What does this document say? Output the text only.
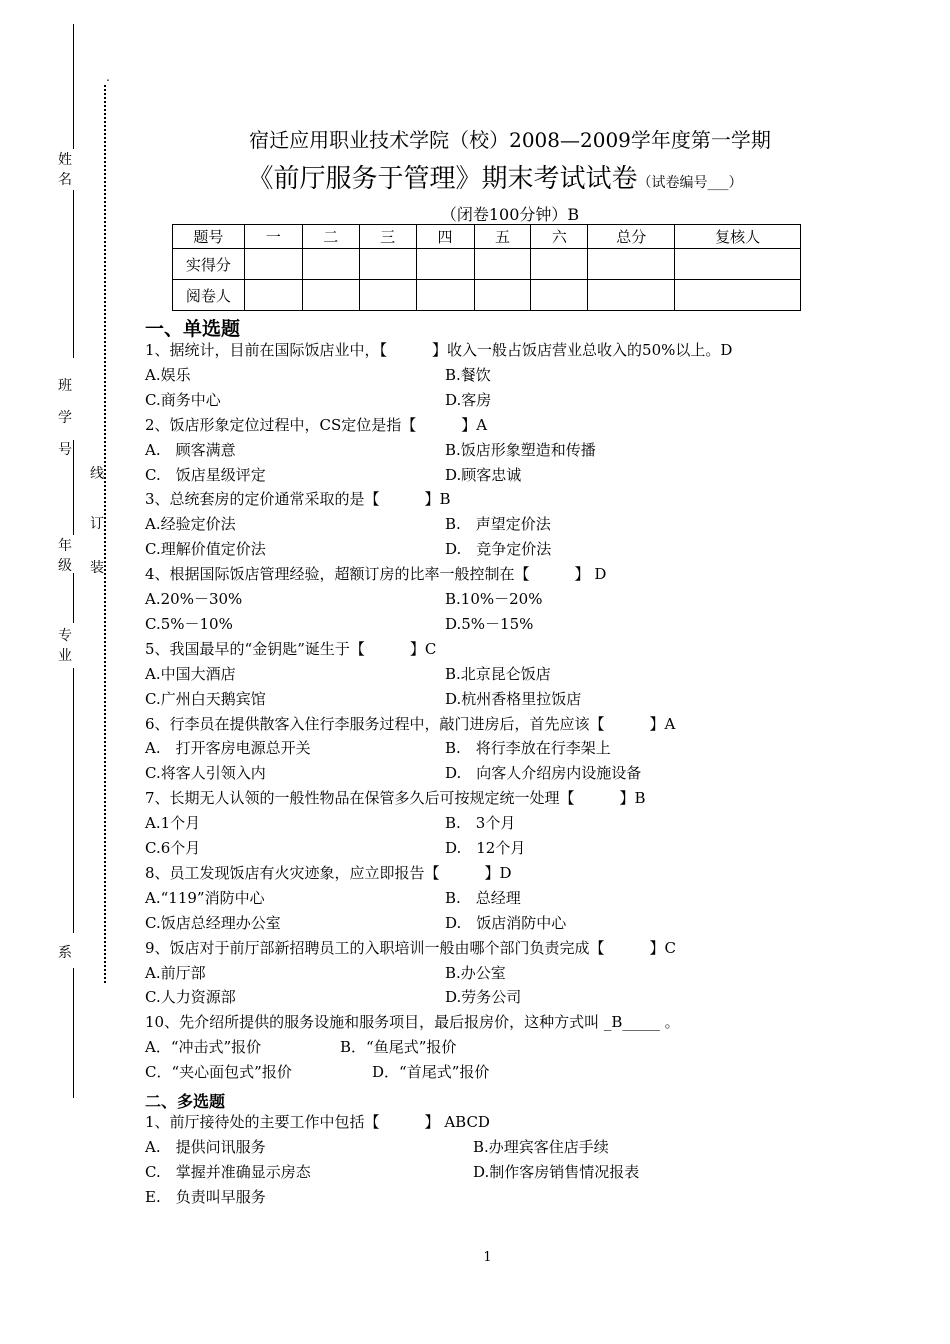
.
姓
名
班
学
号
年
级
专
业
系
线
订
装
宿迁应用职业技术学院（校）2008—2009学年度第一学期
《前厅服务于管理》期末考试试卷（试卷编号___）
（闭卷100分钟）B
题号	一	二	三	四	五	六	总分	复核人
实得分								
阅卷人								
一、单选题
1、据统计，目前在国际饭店业中，【　　　】收入一般占饭店营业总收入的50%以上。D
A.娱乐	B.餐饮
C.商务中心	D.客房
2、饭店形象定位过程中，CS定位是指【　　　】A
A.　顾客满意	B.饭店形象塑造和传播
C.　饭店星级评定	D.顾客忠诚
3、总统套房的定价通常采取的是【　　　】B
A.经验定价法	B.　声望定价法
C.理解价值定价法	D.　竞争定价法
4、根据国际饭店管理经验，超额订房的比率一般控制在【　　　】 D
A.20%－30%	B.10%－20%
C.5%－10%	D.5%－15%
5、我国最早的“金钥匙”诞生于【　　　】C
A.中国大酒店	B.北京昆仑饭店
C.广州白天鹅宾馆	D.杭州香格里拉饭店
6、行李员在提供散客入住行李服务过程中，敲门进房后，首先应该【　　　】A
A.　打开客房电源总开关	B.　将行李放在行李架上
C.将客人引领入内	D.　向客人介绍房内设施设备
7、长期无人认领的一般性物品在保管多久后可按规定统一处理【　　　】B
A.1个月	B.　3个月
C.6个月	D.　12个月
8、员工发现饭店有火灾迹象，应立即报告【　　　】D
A.“119”消防中心	B.　总经理
C.饭店总经理办公室	D.　饭店消防中心
9、饭店对于前厅部新招聘员工的入职培训一般由哪个部门负责完成【　　　】C
A.前厅部	B.办公室
C.人力资源部	D.劳务公司
10、先介绍所提供的服务设施和服务项目，最后报房价，这种方式叫 _B_____ 。
A．“冲击式”报价	B．“鱼尾式”报价
C．“夹心面包式”报价	D．“首尾式”报价
二、多选题
1、前厅接待处的主要工作中包括【　　　】 ABCD
A.　提供问讯服务	B.办理宾客住店手续
C.　掌握并准确显示房态	D.制作客房销售情况报表
E.　负责叫早服务
1
